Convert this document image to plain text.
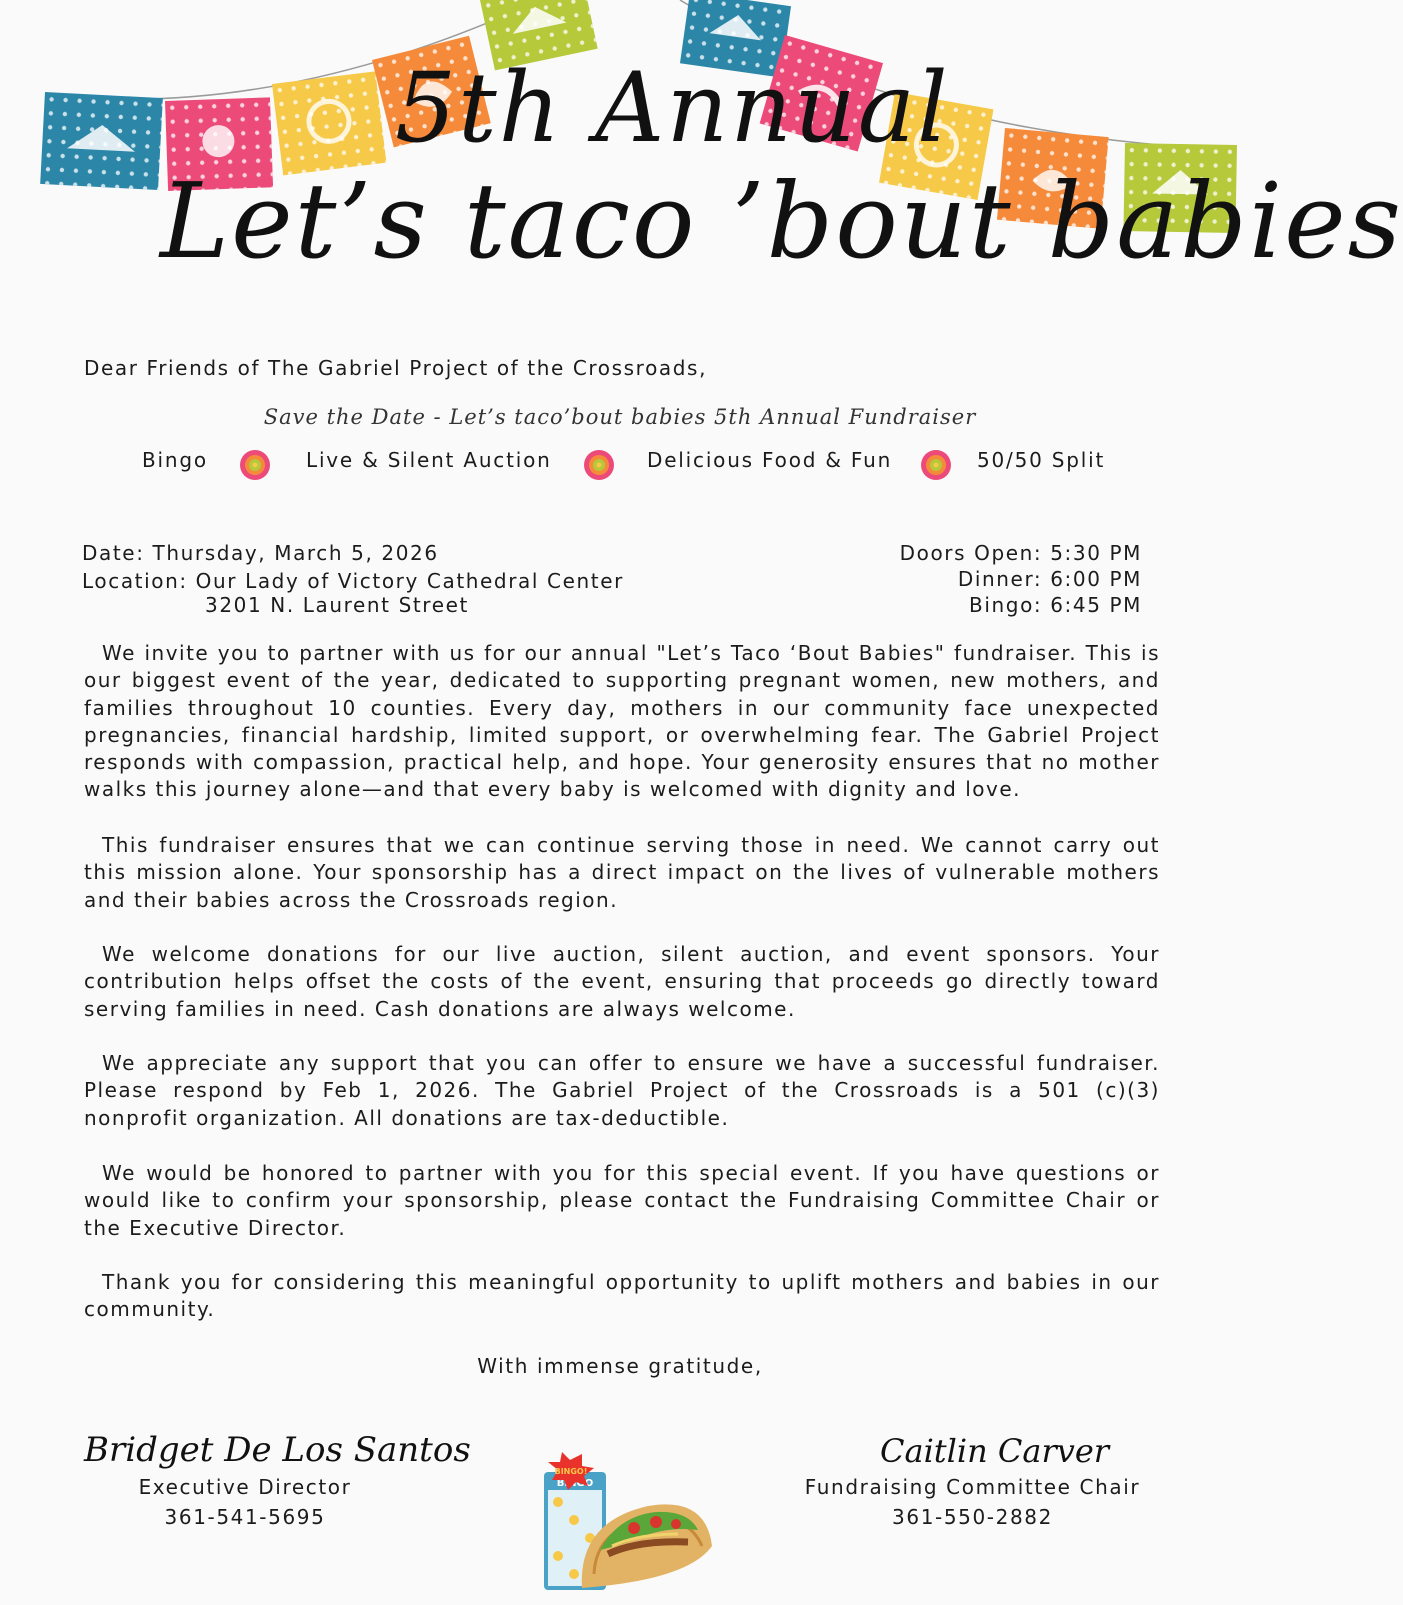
5th Annual
Let’s taco ’bout babies
Dear Friends of The Gabriel Project of the Crossroads,
Save the Date - Let’s taco’bout babies 5th Annual Fundraiser
Bingo	Live & Silent Auction	Delicious Food & Fun	50/50 Split
Date: Thursday, March 5, 2026
Location: Our Lady of Victory Cathedral Center
3201 N. Laurent Street
Doors Open: 5:30 PM
Dinner: 6:00 PM
Bingo: 6:45 PM

We invite you to partner with us for our annual "Let’s Taco ‘Bout Babies" fundraiser. This is our biggest event of the year, dedicated to supporting pregnant women, new mothers, and families throughout 10 counties. Every day, mothers in our community face unexpected pregnancies, financial hardship, limited support, or overwhelming fear. The Gabriel Project responds with compassion, practical help, and hope. Your generosity ensures that no mother walks this journey alone—and that every baby is welcomed with dignity and love.

This fundraiser ensures that we can continue serving those in need. We cannot carry out this mission alone. Your sponsorship has a direct impact on the lives of vulnerable mothers and their babies across the Crossroads region.

We welcome donations for our live auction, silent auction, and event sponsors. Your contribution helps offset the costs of the event, ensuring that proceeds go directly toward serving families in need. Cash donations are always welcome.

We appreciate any support that you can offer to ensure we have a successful fundraiser. Please respond by Feb 1, 2026. The Gabriel Project of the Crossroads is a 501 (c)(3) nonprofit organization. All donations are tax-deductible.

We would be honored to partner with you for this special event. If you have questions or would like to confirm your sponsorship, please contact the Fundraising Committee Chair or the Executive Director.

Thank you for considering this meaningful opportunity to uplift mothers and babies in our community.

With immense gratitude,
Bridget De Los Santos
Executive Director
361-541-5695
Caitlin Carver
Fundraising Committee Chair
361-550-2882
BINGO
BINGO!
